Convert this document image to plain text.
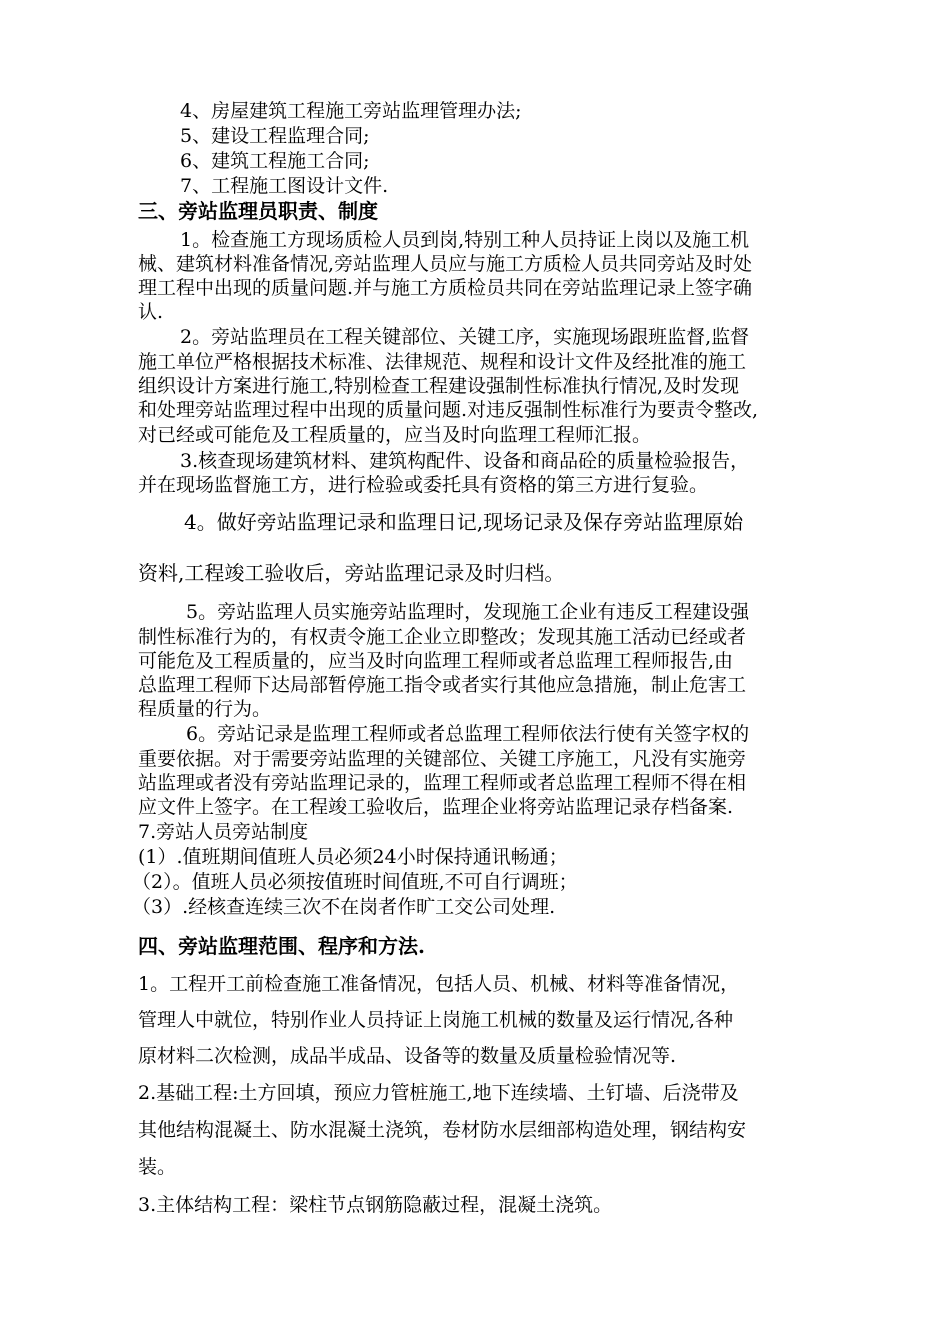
4、房屋建筑工程施工旁站监理管理办法;
5、建设工程监理合同;
6、建筑工程施工合同;
7、工程施工图设计文件.
三、旁站监理员职责、制度
1。检查施工方现场质检人员到岗,特别工种人员持证上岗以及施工机
械、建筑材料准备情况,旁站监理人员应与施工方质检人员共同旁站及时处
理工程中出现的质量问题.并与施工方质检员共同在旁站监理记录上签字确
认.
2。旁站监理员在工程关键部位、关键工序，实施现场跟班监督,监督
施工单位严格根据技术标准、法律规范、规程和设计文件及经批准的施工
组织设计方案进行施工,特别检查工程建设强制性标准执行情况,及时发现
和处理旁站监理过程中出现的质量问题.对违反强制性标准行为要责令整改,
对已经或可能危及工程质量的，应当及时向监理工程师汇报。
3.核查现场建筑材料、建筑构配件、设备和商品砼的质量检验报告，
并在现场监督施工方，进行检验或委托具有资格的第三方进行复验。
4。做好旁站监理记录和监理日记,现场记录及保存旁站监理原始
资料,工程竣工验收后，旁站监理记录及时归档。
5。旁站监理人员实施旁站监理时，发现施工企业有违反工程建设强
制性标准行为的，有权责令施工企业立即整改；发现其施工活动已经或者
可能危及工程质量的，应当及时向监理工程师或者总监理工程师报告,由
总监理工程师下达局部暂停施工指令或者实行其他应急措施，制止危害工
程质量的行为。
6。旁站记录是监理工程师或者总监理工程师依法行使有关签字权的
重要依据。对于需要旁站监理的关键部位、关键工序施工，凡没有实施旁
站监理或者没有旁站监理记录的，监理工程师或者总监理工程师不得在相
应文件上签字。在工程竣工验收后，监理企业将旁站监理记录存档备案.
7.旁站人员旁站制度
(1）.值班期间值班人员必须24小时保持通讯畅通；
（2）。值班人员必须按值班时间值班,不可自行调班；
（3）.经核查连续三次不在岗者作旷工交公司处理.
四、旁站监理范围、程序和方法.
1。工程开工前检查施工准备情况，包括人员、机械、材料等准备情况，
管理人中就位，特别作业人员持证上岗施工机械的数量及运行情况,各种
原材料二次检测，成品半成品、设备等的数量及质量检验情况等.
2.基础工程:土方回填，预应力管桩施工,地下连续墙、土钉墙、后浇带及
其他结构混凝土、防水混凝土浇筑，卷材防水层细部构造处理，钢结构安
装。
3.主体结构工程：梁柱节点钢筋隐蔽过程，混凝土浇筑。
